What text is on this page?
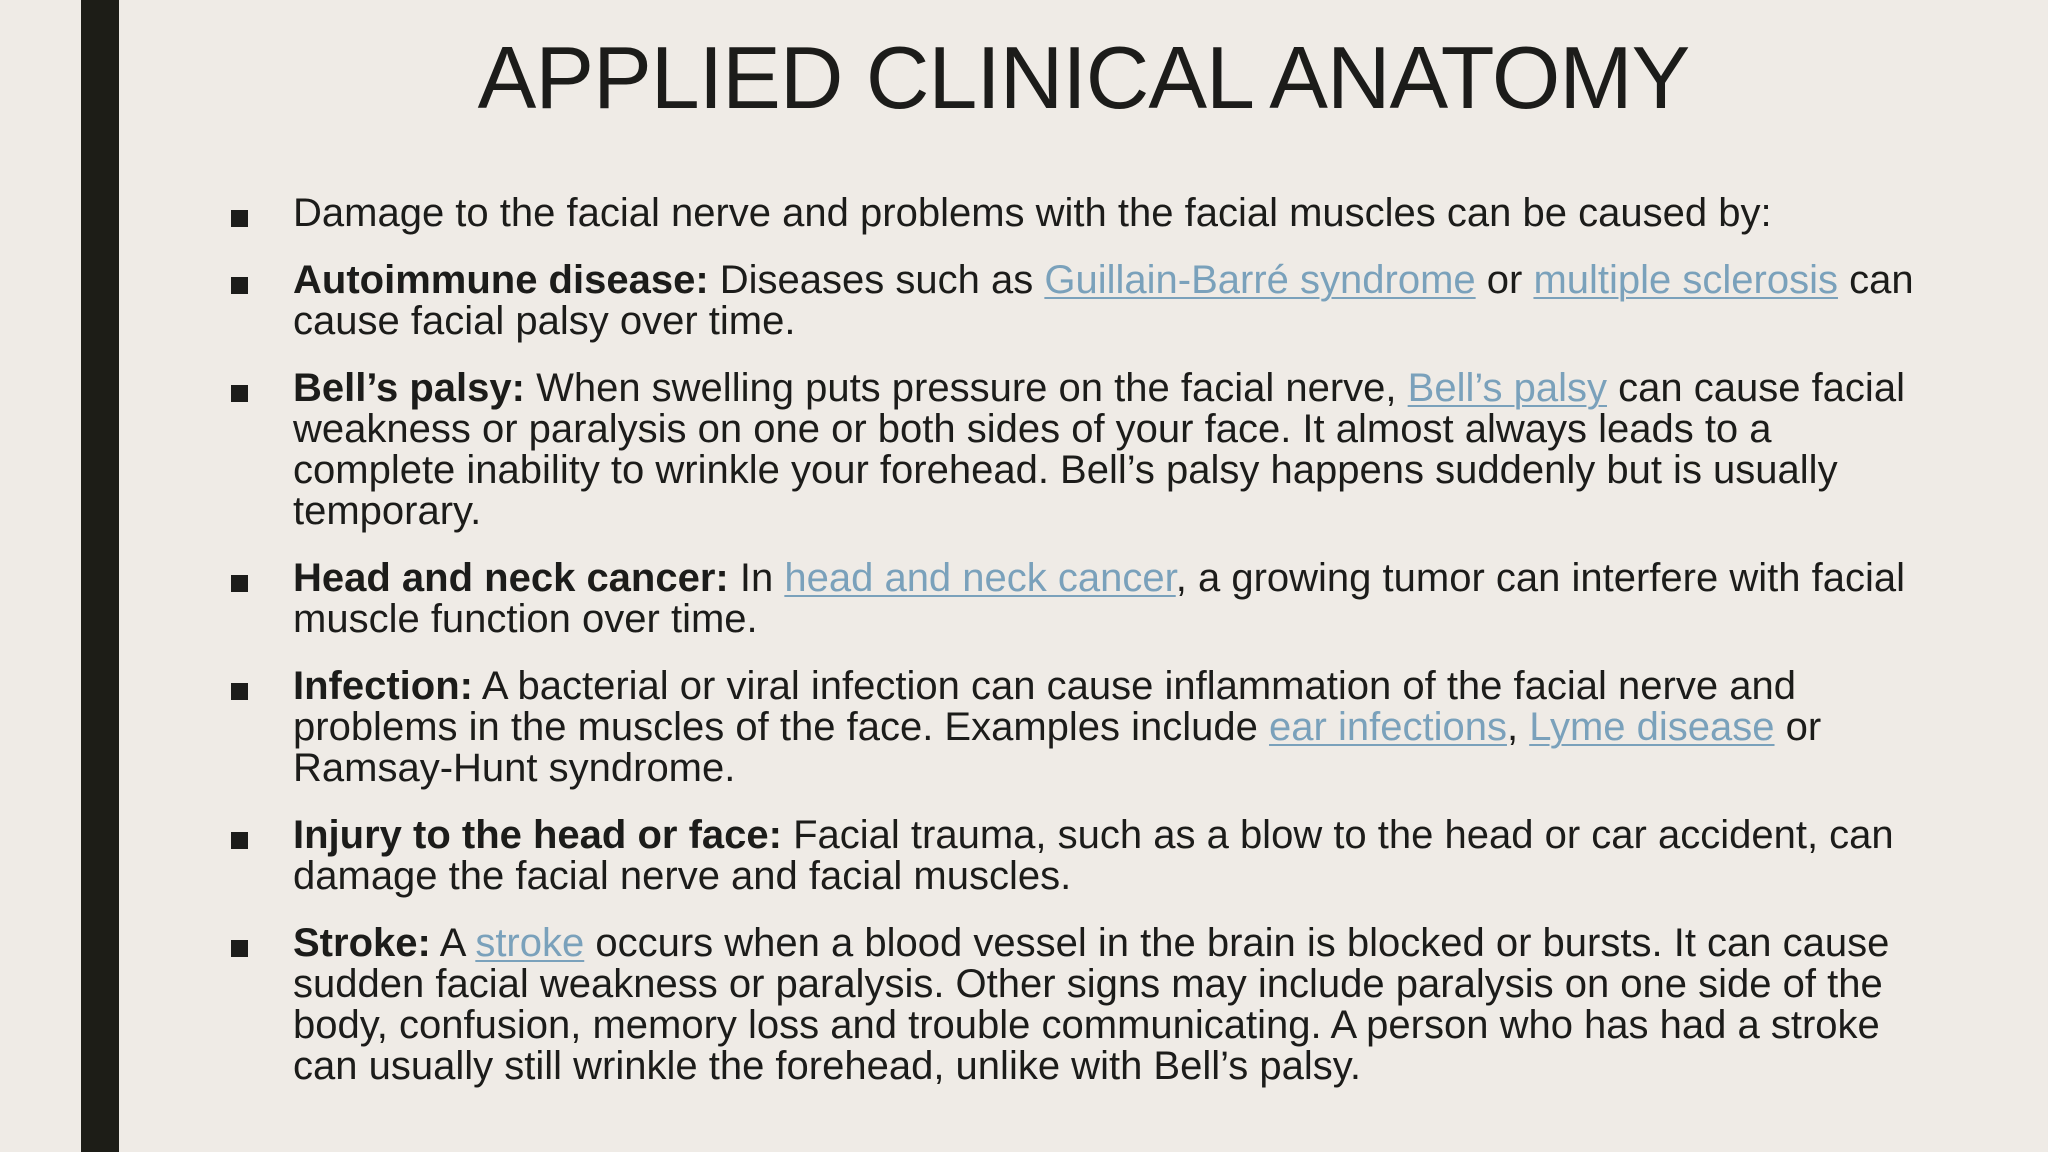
APPLIED CLINICAL ANATOMY
Damage to the facial nerve and problems with the facial muscles can be caused by:
Autoimmune disease: Diseases such as Guillain-Barré syndrome or multiple sclerosis can cause facial palsy over time.
Bell’s palsy: When swelling puts pressure on the facial nerve, Bell’s palsy can cause facial weakness or paralysis on one or both sides of your face. It almost always leads to a complete inability to wrinkle your forehead. Bell’s palsy happens suddenly but is usually temporary.
Head and neck cancer: In head and neck cancer, a growing tumor can interfere with facial muscle function over time.
Infection: A bacterial or viral infection can cause inflammation of the facial nerve and problems in the muscles of the face. Examples include ear infections, Lyme disease or Ramsay-Hunt syndrome.
Injury to the head or face: Facial trauma, such as a blow to the head or car accident, can damage the facial nerve and facial muscles.
Stroke: A stroke occurs when a blood vessel in the brain is blocked or bursts. It can cause sudden facial weakness or paralysis. Other signs may include paralysis on one side of the body, confusion, memory loss and trouble communicating. A person who has had a stroke can usually still wrinkle the forehead, unlike with Bell’s palsy.
